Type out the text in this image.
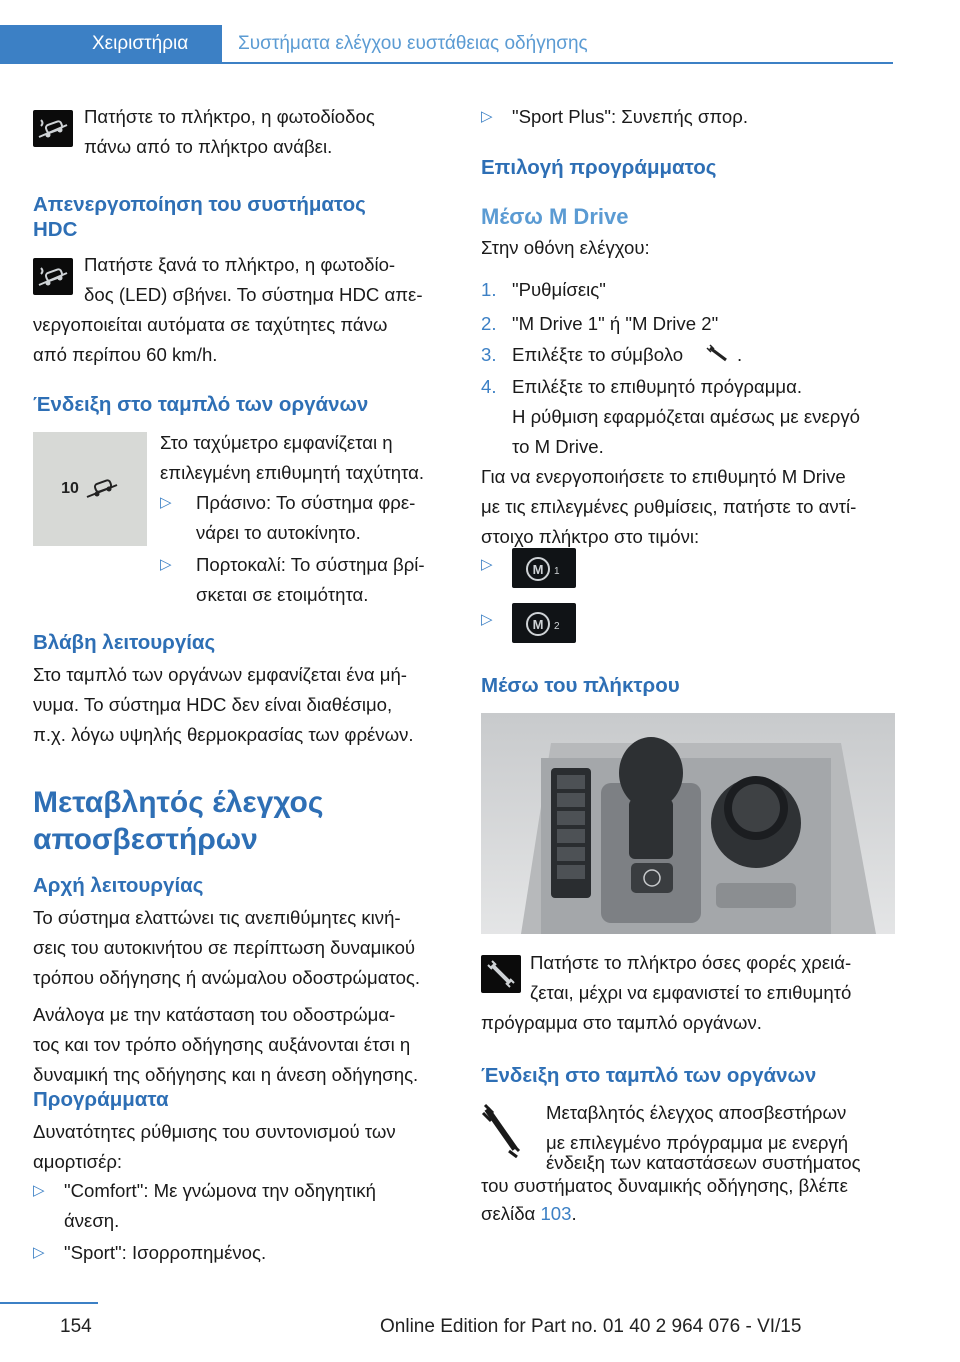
Χειριστήρια	Συστήματα ελέγχου ευστάθειας οδήγησης
Πατήστε το πλήκτρο, η φωτοδίοδος
πάνω από το πλήκτρο ανάβει.
Απενεργοποίηση του συστήματος
HDC
Πατήστε ξανά το πλήκτρο, η φωτοδίο-
δος (LED) σβήνει. Το σύστημα HDC απε-
νεργοποιείται αυτόματα σε ταχύτητες πάνω
από περίπου 60 km/h.
Ένδειξη στο ταμπλό των οργάνων
10
Στο ταχύμετρο εμφανίζεται η
επιλεγμένη επιθυμητή ταχύτητα.
▷ Πράσινο: Το σύστημα φρε-
νάρει το αυτοκίνητο.
▷ Πορτοκαλί: Το σύστημα βρί-
σκεται σε ετοιμότητα.
Βλάβη λειτουργίας
Στο ταμπλό των οργάνων εμφανίζεται ένα μή-
νυμα. Το σύστημα HDC δεν είναι διαθέσιμο,
π.χ. λόγω υψηλής θερμοκρασίας των φρένων.
Μεταβλητός έλεγχος
αποσβεστήρων
Αρχή λειτουργίας
Το σύστημα ελαττώνει τις ανεπιθύμητες κινή-
σεις του αυτοκινήτου σε περίπτωση δυναμικού
τρόπου οδήγησης ή ανώμαλου οδοστρώματος.
Ανάλογα με την κατάσταση του οδοστρώμα-
τος και τον τρόπο οδήγησης αυξάνονται έτσι η
δυναμική της οδήγησης και η άνεση οδήγησης.
Προγράμματα
Δυνατότητες ρύθμισης του συντονισμού των
αμορτισέρ:
▷ "Comfort": Με γνώμονα την οδηγητική
άνεση.
▷ "Sport": Ισορροπημένος.
▷ "Sport Plus": Συνεπής σπορ.
Επιλογή προγράμματος
Μέσω M Drive
Στην οθόνη ελέγχου:
1. "Ρυθμίσεις"
2. "M Drive 1" ή "M Drive 2"
3. Επιλέξτε το σύμβολο	.
4. Επιλέξτε το επιθυμητό πρόγραμμα.
Η ρύθμιση εφαρμόζεται αμέσως με ενεργό
το M Drive.
Για να ενεργοποιήσετε το επιθυμητό M Drive
με τις επιλεγμένες ρυθμίσεις, πατήστε το αντί-
στοιχο πλήκτρο στο τιμόνι:
▷	M	1
▷	M	2
Μέσω του πλήκτρου
Πατήστε το πλήκτρο όσες φορές χρειά-
ζεται, μέχρι να εμφανιστεί το επιθυμητό
πρόγραμμα στο ταμπλό οργάνων.
Ένδειξη στο ταμπλό των οργάνων
Μεταβλητός έλεγχος αποσβεστήρων
με επιλεγμένο πρόγραμμα με ενεργή
ένδειξη των καταστάσεων συστήματος
του συστήματος δυναμικής οδήγησης, βλέπε
σελίδα 103.
154	Online Edition for Part no. 01 40 2 964 076 - VI/15
